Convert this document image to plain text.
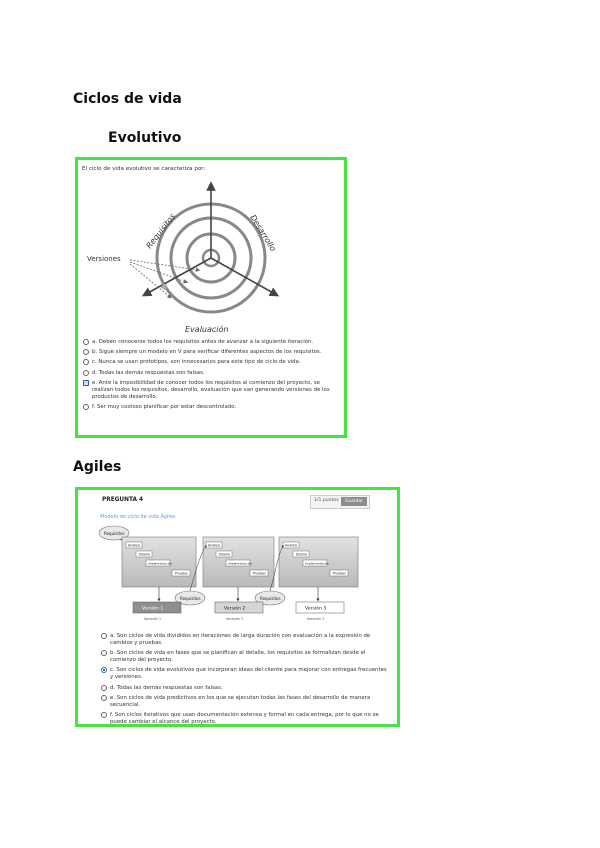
Ciclos de vida
Evolutivo
El ciclo de vida evolutivo se caracteriza por:
Versiones
Requisitos	Desarrollo
Evaluación
a. Deben conocerse todos los requisitos antes de avanzar a la siguiente iteración.
b. Sigue siempre un modelo en V para verificar diferentes aspectos de los requisitos.
c. Nunca se usan prototipos, son innecesarios para este tipo de ciclo de vida.
d. Todas las demás respuestas son falsas.
e. Ante la imposibilidad de conocer todos los requisitos al comienzo del proyecto, se realizan todos los requisitos, desarrollo, evaluación que van generando versiones de los productos de desarrollo.
f. Ser muy costoso planificar por estar descontrolado.
Agiles
PREGUNTA 4	1/1 puntos	Guardar
Modelo de ciclo de vida Ágiles
Requisitos
Análisis
Diseño
Implementación
Pruebas
Análisis
Diseño
Implementación
Pruebas
Análisis
Diseño
Implementación
Pruebas
Requisitos	Requisitos
Versión 1	Versión 2	Versión 3
Iteración 1	Iteración 2	Iteración 3
a. Son ciclos de vida divididos en iteraciones de larga duración con evaluación a la expresión de cambios y pruebas.
b. Son ciclos de vida en fases que se planifican al detalle, los requisitos se formalizan desde el comienzo del proyecto.
c. Son ciclos de vida evolutivos que incorporan ideas del cliente para mejorar con entregas frecuentes y versiones.
d. Todas las demás respuestas son falsas.
e. Son ciclos de vida predictivos en los que se ejecutan todas las fases del desarrollo de manera secuencial.
f. Son ciclos iterativos que usan documentación extensa y formal en cada entrega, por lo que no se puede cambiar el alcance del proyecto.
